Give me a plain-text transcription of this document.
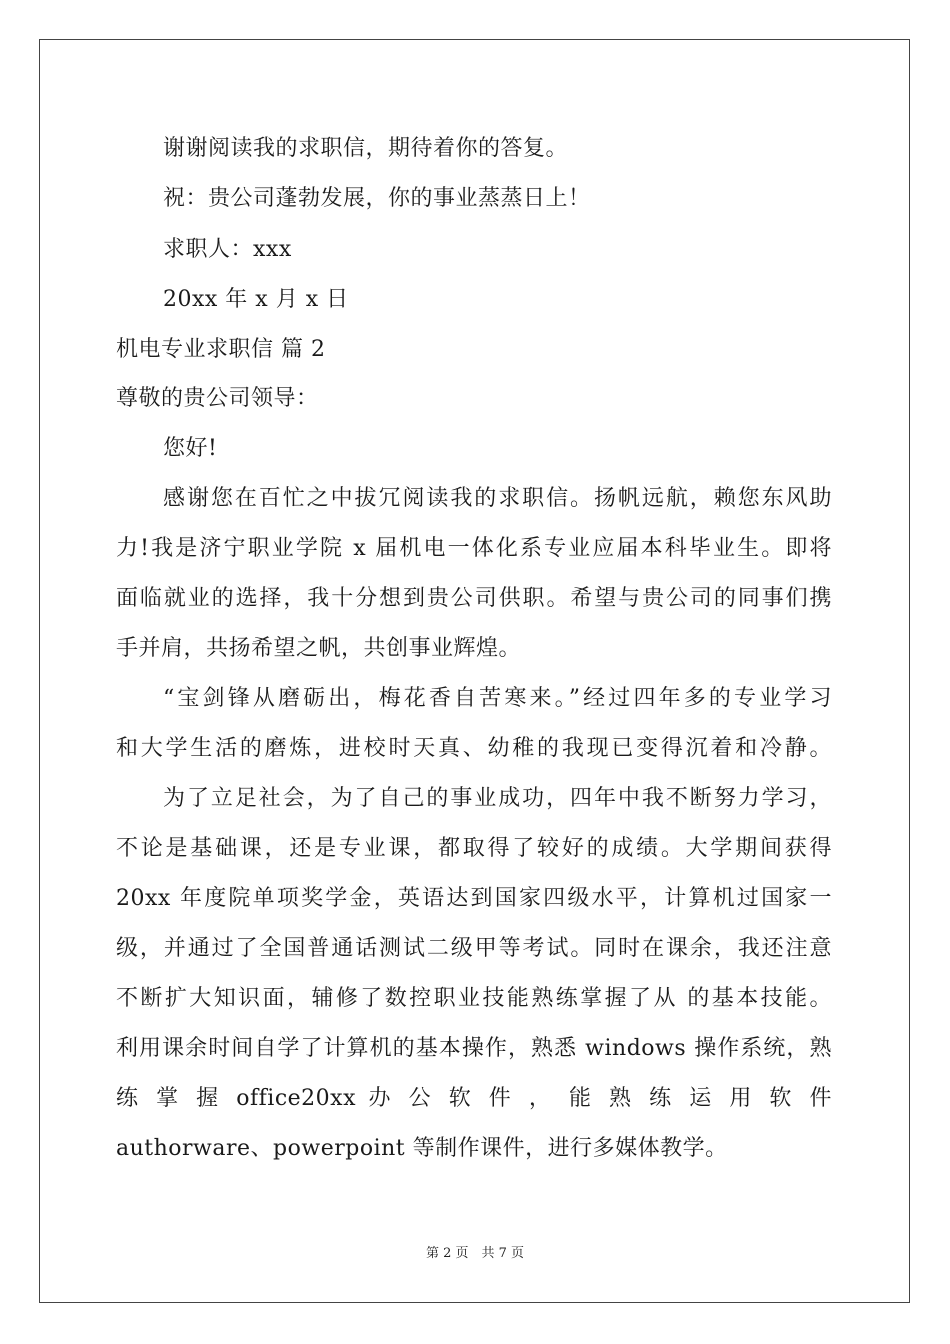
谢谢阅读我的求职信，期待着你的答复。
祝：贵公司蓬勃发展，你的事业蒸蒸日上！
求职人：xxx
20xx 年 x 月 x 日
机电专业求职信 篇 2
尊敬的贵公司领导：
您好!
感谢您在百忙之中拔冗阅读我的求职信。扬帆远航，赖您东风助
力!我是济宁职业学院 x 届机电一体化系专业应届本科毕业生。即将
面临就业的选择，我十分想到贵公司供职。希望与贵公司的同事们携
手并肩，共扬希望之帆，共创事业辉煌。
“宝剑锋从磨砺出，梅花香自苦寒来。”经过四年多的专业学习
和大学生活的磨炼，进校时天真、幼稚的我现已变得沉着和冷静。
为了立足社会，为了自己的事业成功，四年中我不断努力学习，
不论是基础课，还是专业课，都取得了较好的成绩。大学期间获得
20xx 年度院单项奖学金，英语达到国家四级水平，计算机过国家一
级，并通过了全国普通话测试二级甲等考试。同时在课余，我还注意
不断扩大知识面，辅修了数控职业技能熟练掌握了从 的基本技能。
利用课余时间自学了计算机的基本操作，熟悉 windows 操作系统，熟
练 掌 握 office20xx 办 公 软 件 ， 能 熟 练 运 用 软 件
authorware、powerpoint 等制作课件，进行多媒体教学。
第 2 页　共 7 页
